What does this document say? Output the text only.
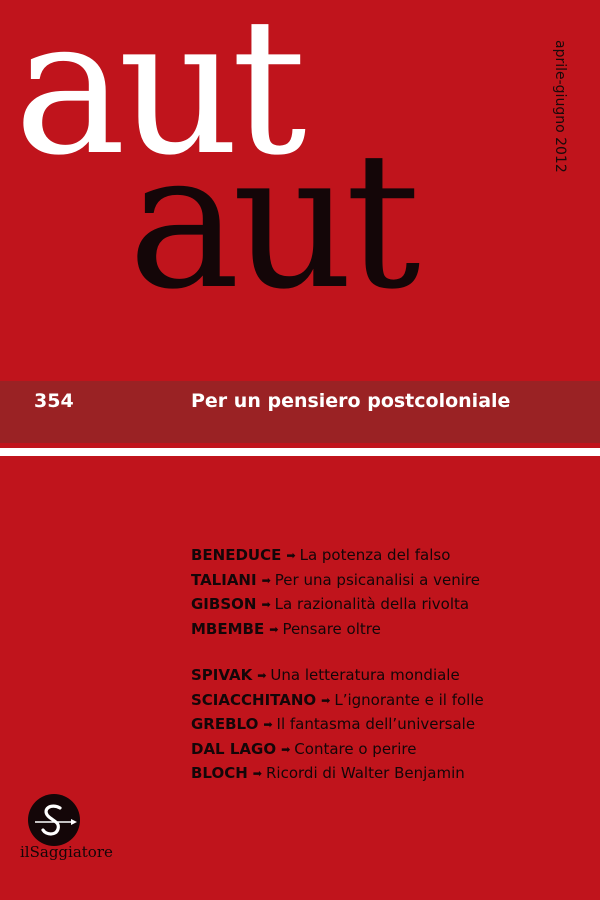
aut
aut
aprile-giugno 2012
354	Per un pensiero postcoloniale
BENEDUCE ➡ La potenza del falso
TALIANI ➡ Per una psicanalisi a venire
GIBSON ➡ La razionalità della rivolta
MBEMBE ➡ Pensare oltre
SPIVAK ➡ Una letteratura mondiale
SCIACCHITANO ➡ L’ignorante e il folle
GREBLO ➡ Il fantasma dell’universale
DAL LAGO ➡ Contare o perire
BLOCH ➡ Ricordi di Walter Benjamin
ilSaggiatore
